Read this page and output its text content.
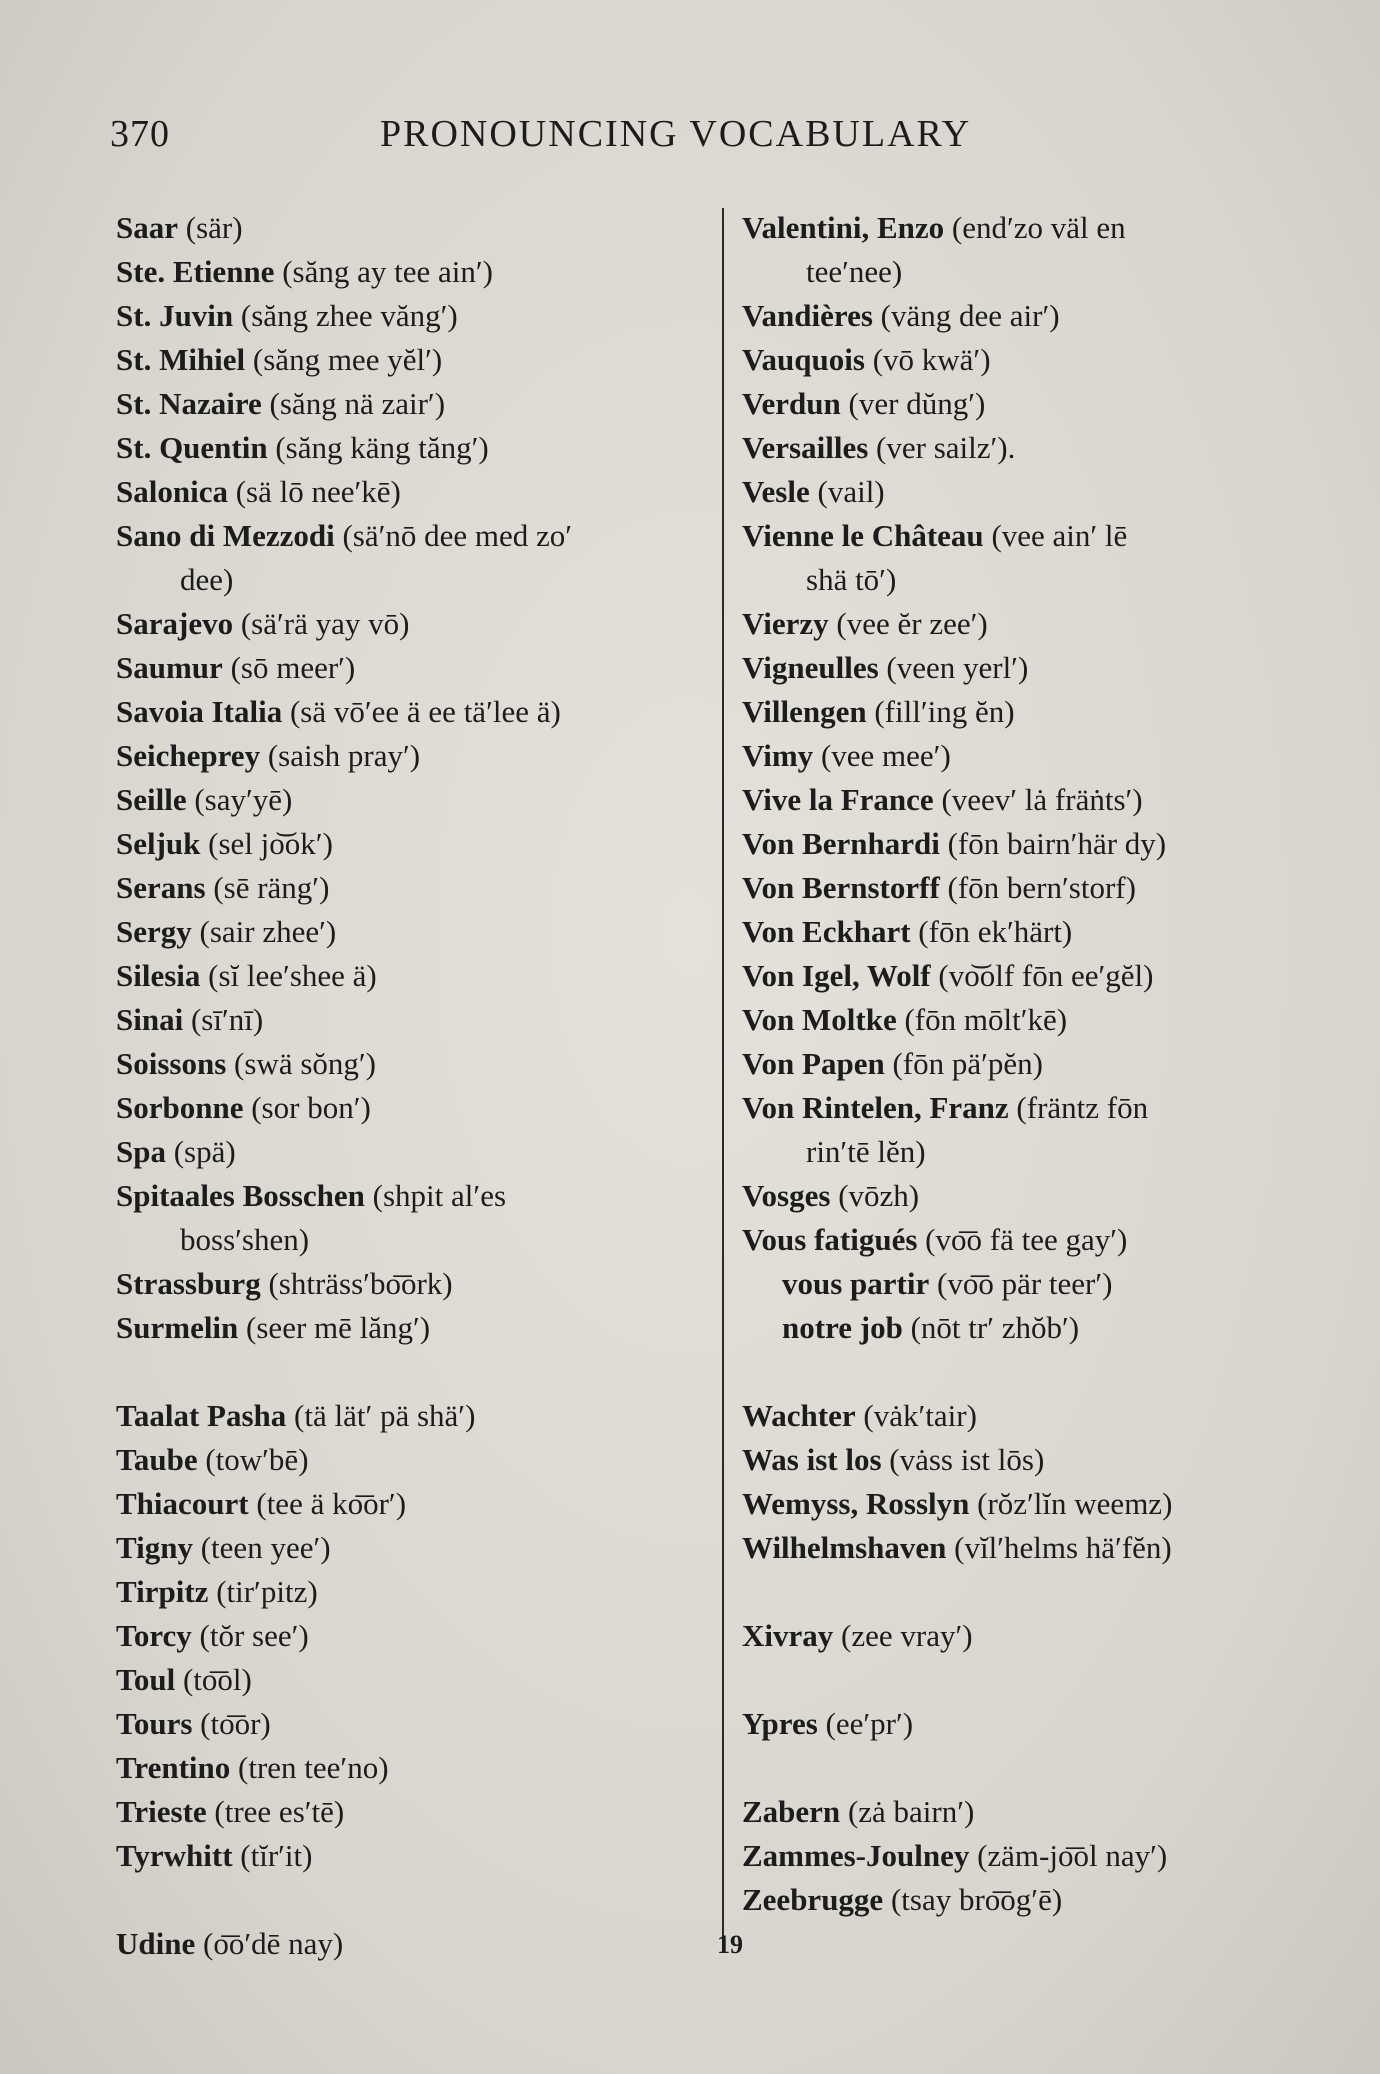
370	PRONOUNCING VOCABULARY
Saar (sär)
Ste. Etienne (săng ay tee ain′)
St. Juvin (săng zhee văng′)
St. Mihiel (săng mee yĕl′)
St. Nazaire (săng nä zair′)
St. Quentin (săng käng tăng′)
Salonica (sä lō nee′kē)
Sano di Mezzodi (sä′nō dee med zo′
dee)
Sarajevo (sä′rä yay vō)
Saumur (sō meer′)
Savoia Italia (sä vō′ee ä ee tä′lee ä)
Seicheprey (saish pray′)
Seille (say′yē)
Seljuk (sel jo͝ok′)
Serans (sē räng′)
Sergy (sair zhee′)
Silesia (sĭ lee′shee ä)
Sinai (sī′nī)
Soissons (swä sŏng′)
Sorbonne (sor bon′)
Spa (spä)
Spitaales Bosschen (shpit al′es
boss′shen)
Strassburg (shträss′bo͞ork)
Surmelin (seer mē lăng′)
Taalat Pasha (tä lät′ pä shä′)
Taube (tow′bē)
Thiacourt (tee ä ko͞or′)
Tigny (teen yee′)
Tirpitz (tir′pitz)
Torcy (tŏr see′)
Toul (to͞ol)
Tours (to͞or)
Trentino (tren tee′no)
Trieste (tree es′tē)
Tyrwhitt (tĭr′it)
Udine (o͞o′dē nay)
Valentini, Enzo (end′zo väl en
tee′nee)
Vandières (väng dee air′)
Vauquois (vō kwä′)
Verdun (ver dŭng′)
Versailles (ver sailz′).
Vesle (vail)
Vienne le Château (vee ain′ lē
shä tō′)
Vierzy (vee ĕr zee′)
Vigneulles (veen yerl′)
Villengen (fill′ing ĕn)
Vimy (vee mee′)
Vive la France (veev′ lȧ fräṅts′)
Von Bernhardi (fōn bairn′här dy)
Von Bernstorff (fōn bern′storf)
Von Eckhart (fōn ek′härt)
Von Igel, Wolf (vo͝olf fōn ee′gĕl)
Von Moltke (fōn mōlt′kē)
Von Papen (fōn pä′pĕn)
Von Rintelen, Franz (fräntz fōn
rin′tē lĕn)
Vosges (vōzh)
Vous fatigués (vo͞o fä tee gay′)
vous partir (vo͞o pär teer′)
notre job (nōt tr′ zhŏb′)
Wachter (vȧk′tair)
Was ist los (vȧss ist lōs)
Wemyss, Rosslyn (rŏz′lĭn weemz)
Wilhelmshaven (vĭl′helms hä′fĕn)
Xivray (zee vray′)
Ypres (ee′pr′)
Zabern (zȧ bairn′)
Zammes-Joulney (zäm-jo͞ol nay′)
Zeebrugge (tsay bro͞og′ē)
19
